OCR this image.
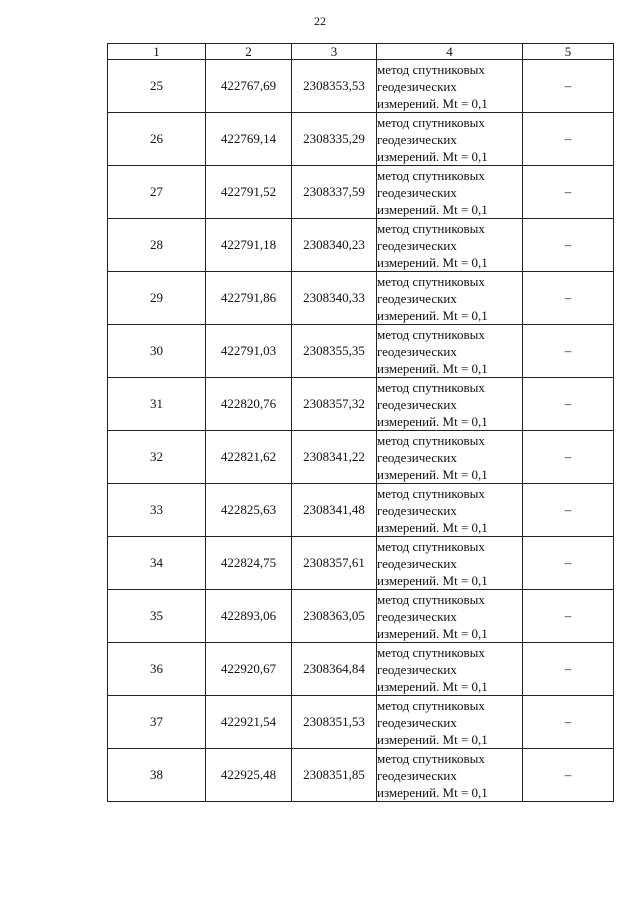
22
1	2	3	4	5
25	422767,69	2308353,53	метод спутниковых
геодезических
измерений. Mt = 0,1	–
26	422769,14	2308335,29	метод спутниковых
геодезических
измерений. Mt = 0,1	–
27	422791,52	2308337,59	метод спутниковых
геодезических
измерений. Mt = 0,1	–
28	422791,18	2308340,23	метод спутниковых
геодезических
измерений. Mt = 0,1	–
29	422791,86	2308340,33	метод спутниковых
геодезических
измерений. Mt = 0,1	–
30	422791,03	2308355,35	метод спутниковых
геодезических
измерений. Mt = 0,1	–
31	422820,76	2308357,32	метод спутниковых
геодезических
измерений. Mt = 0,1	–
32	422821,62	2308341,22	метод спутниковых
геодезических
измерений. Mt = 0,1	–
33	422825,63	2308341,48	метод спутниковых
геодезических
измерений. Mt = 0,1	–
34	422824,75	2308357,61	метод спутниковых
геодезических
измерений. Mt = 0,1	–
35	422893,06	2308363,05	метод спутниковых
геодезических
измерений. Mt = 0,1	–
36	422920,67	2308364,84	метод спутниковых
геодезических
измерений. Mt = 0,1	–
37	422921,54	2308351,53	метод спутниковых
геодезических
измерений. Mt = 0,1	–
38	422925,48	2308351,85	метод спутниковых
геодезических
измерений. Mt = 0,1	–
